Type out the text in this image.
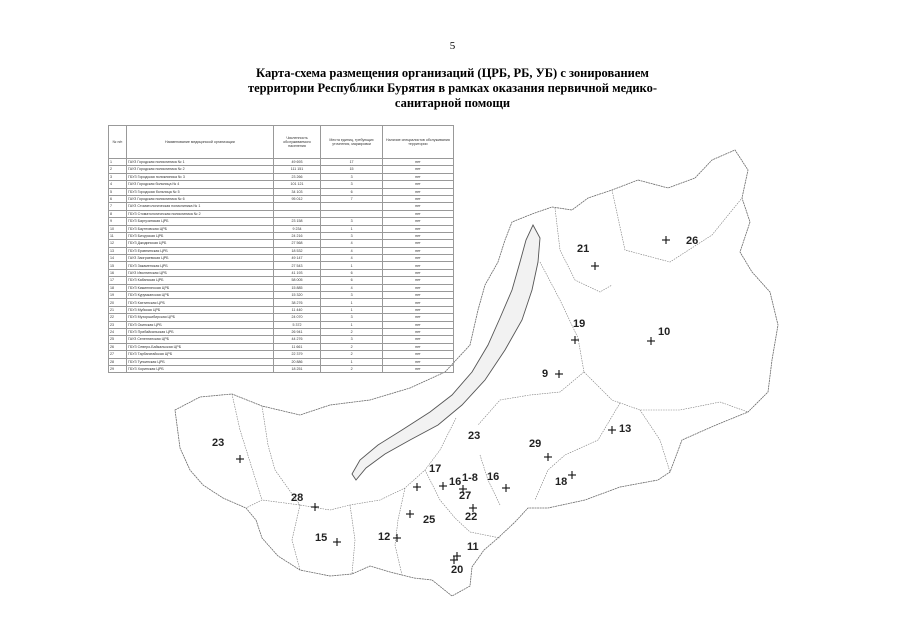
5
Карта-схема размещения организаций (ЦРБ, РБ, УБ) с зонированием
территории Республики Бурятия в рамках оказания первичной медико-
санитарной помощи
21
26
19
10
9
23
29
13
17
16 1-8 16	18
23
27
28
22
25
12
15
11
20
№ п/п	Наименование медицинской организации	Численность обслуживаемого населения	Места единиц, требующих уточнения, маркировки	Наличие специалистов обслуживания территории
1	ГАУЗ Городская поликлиника № 1	49 693	17	нет
2	ГАУЗ Городская поликлиника № 2	111 151	15	нет
3	ГБУЗ Городская поликлиника № 3	23 266	3	нет
4	ГАУЗ Городская больница № 4	101 121	3	нет
5	ГБУЗ Городская больница № 5	34 103	6	нет
6	ГАУЗ Городская поликлиника № 6	95 012	7	нет
7	ГАУЗ Стоматологическая поликлиника № 1			нет
8	ГБУЗ Стоматологическая поликлиника № 2			нет
9	ГБУЗ Баргузинская ЦРБ	23 158	3	нет
10	ГБУЗ Баунтовская ЦРБ	9 234	1	нет
11	ГБУЗ Бичурская ЦРБ	24 216	3	нет
12	ГБУЗ Джидинская ЦРБ	27 568	4	нет
13	ГБУЗ Еравнинская ЦРБ	18 532	4	нет
14	ГАУЗ Заиграевская ЦРБ	49 147	4	нет
15	ГБУЗ Закаменская ЦРБ	27 543	1	нет
16	ГАУЗ Иволгинская ЦРБ	41 193	6	нет
17	ГБУЗ Кабанская ЦРБ	58 005	6	нет
18	ГБУЗ Кижингинская ЦРБ	15 885	4	нет
19	ГБУЗ Курумканская ЦРБ	15 320	3	нет
20	ГБУЗ Кяхтинская ЦРБ	38 276	1	нет
21	ГБУЗ Муйская ЦРБ	11 440	1	нет
22	ГБУЗ Мухоршибирская ЦРБ	24 070	3	нет
23	ГБУЗ Окинская ЦРБ	5 372	1	нет
24	ГБУЗ Прибайкальская ЦРБ	26 941	2	нет
25	ГАУЗ Селенгинская ЦРБ	44 276	3	нет
26	ГБУЗ Северо-Байкальская ЦРБ	11 661	2	нет
27	ГБУЗ Тарбагатайская ЦРБ	22 379	2	нет
28	ГБУЗ Тункинская ЦРБ	20 886	1	нет
29	ГБУЗ Хоринская ЦРБ	18 251	2	нет
